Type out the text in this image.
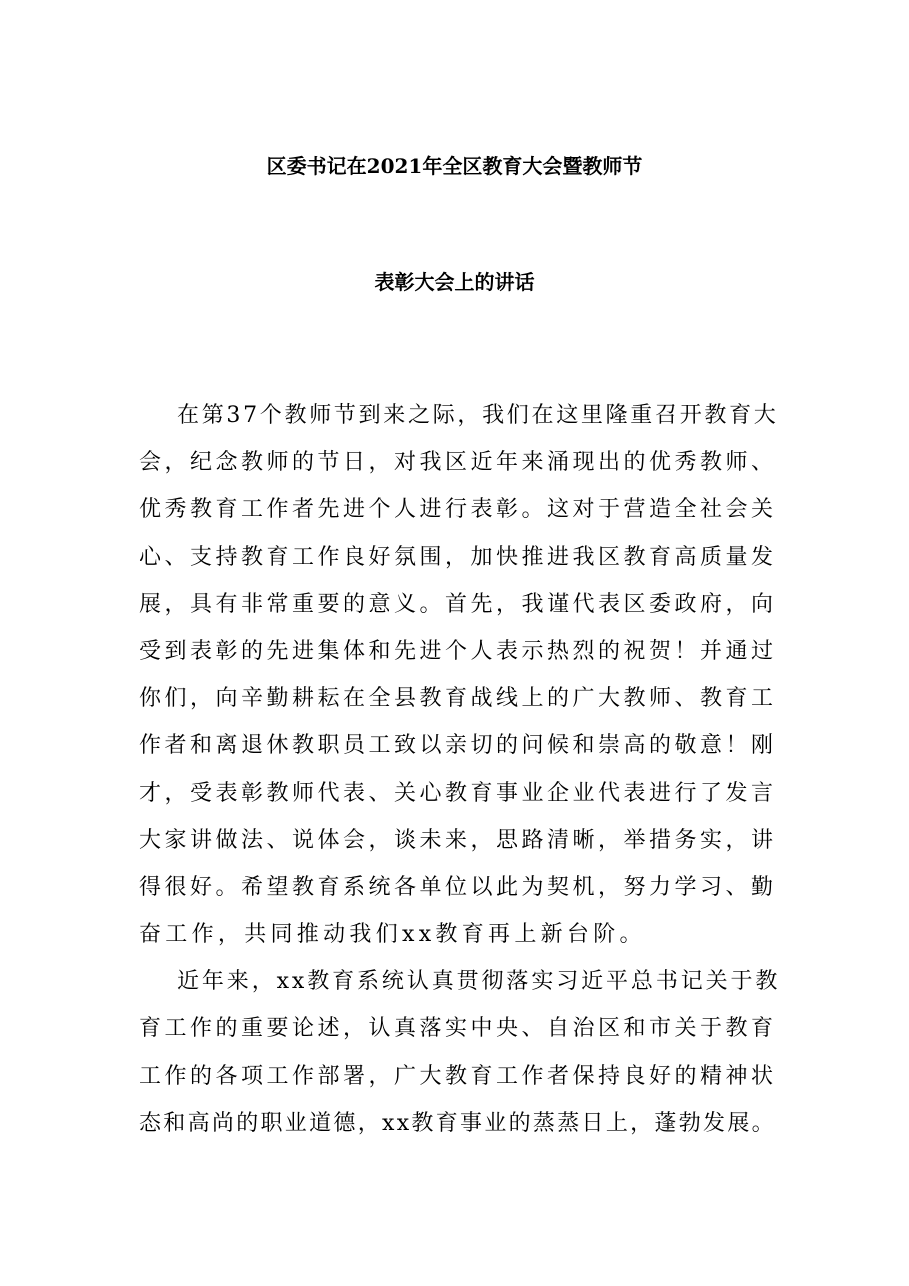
区委书记在2021年全区教育大会暨教师节
表彰大会上的讲话
在第37个教师节到来之际，我们在这里隆重召开教育大
会，纪念教师的节日，对我区近年来涌现出的优秀教师、
优秀教育工作者先进个人进行表彰。这对于营造全社会关
心、支持教育工作良好氛围，加快推进我区教育高质量发
展，具有非常重要的意义。首先，我谨代表区委政府，向
受到表彰的先进集体和先进个人表示热烈的祝贺！并通过
你们，向辛勤耕耘在全县教育战线上的广大教师、教育工
作者和离退休教职员工致以亲切的问候和崇高的敬意！刚
才，受表彰教师代表、关心教育事业企业代表进行了发言
大家讲做法、说体会，谈未来，思路清晰，举措务实，讲
得很好。希望教育系统各单位以此为契机，努力学习、勤
奋工作，共同推动我们xx教育再上新台阶。
近年来，xx教育系统认真贯彻落实习近平总书记关于教
育工作的重要论述，认真落实中央、自治区和市关于教育
工作的各项工作部署，广大教育工作者保持良好的精神状
态和高尚的职业道德，xx教育事业的蒸蒸日上，蓬勃发展。
